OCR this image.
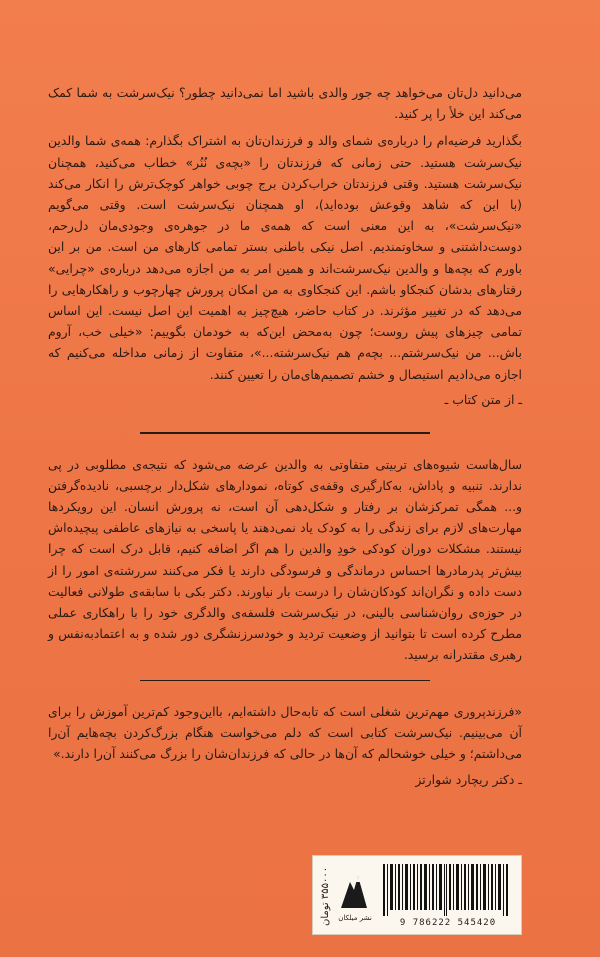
می‌دانید دل‌تان می‌خواهد چه جور والدی باشید اما نمی‌دانید چطور؟ نیک‌سرشت به شما کمک می‌کند این خلأ را پر کنید.

بگذارید فرضیه‌ام را درباره‌ی شمای والد و فرزندان‌تان به اشتراک بگذارم: همه‌ی شما والدین نیک‌سرشت هستید. حتی زمانی که فرزندتان را «بچه‌ی نُنُر» خطاب می‌کنید، همچنان نیک‌سرشت هستید. وقتی فرزندتان خراب‌کردن برج چوبی خواهر کوچک‌ترش را انکار می‌کند (با این که شاهد وقوعش بوده‌اید)، او همچنان نیک‌سرشت است. وقتی می‌گویم «نیک‌سرشت»، به این معنی است که همه‌ی ما در جوهره‌ی وجودی‌مان دل‌رحم، دوست‌داشتنی و سخاوتمندیم. اصل نیکی باطنی بستر تمامی کارهای من است. من بر این باورم که بچه‌ها و والدین نیک‌سرشت‌اند و همین امر به من اجازه می‌دهد درباره‌ی «چرایی» رفتارهای بدشان کنجکاو باشم. این کنجکاوی به من امکان پرورش چهارچوب و راهکارهایی را می‌دهد که در تغییر مؤثرند. در کتاب حاضر، هیچ‌چیز به اهمیت این اصل نیست. این اساس تمامی چیزهای پیش روست؛ چون به‌محض این‌که به خودمان بگوییم: «خیلی خب، آروم باش... من نیک‌سرشتم... بچه‌م هم نیک‌سرشته...»، متفاوت از زمانی مداخله می‌کنیم که اجازه می‌دادیم استیصال و خشم تصمیم‌های‌مان را تعیین کنند.

ـ از متن کتاب ـ

سال‌هاست شیوه‌های تربیتی متفاوتی به والدین عرضه می‌شود که نتیجه‌ی مطلوبی در پی ندارند. تنبیه و پاداش، به‌کارگیری وقفه‌ی کوتاه، نمودارهای شکل‌دار برچسبی، نادیده‌گرفتن و... همگی تمرکزشان بر رفتار و شکل‌دهی آن است، نه پرورش انسان. این رویکردها مهارت‌های لازم برای زندگی را به کودک یاد نمی‌دهند یا پاسخی به نیازهای عاطفی پیچیده‌اش نیستند. مشکلات دوران کودکی خودِ والدین را هم اگر اضافه کنیم، قابل درک است که چرا بیش‌تر پدرمادرها احساس درماندگی و فرسودگی دارند یا فکر می‌کنند سررشته‌ی امور را از دست داده و نگران‌اند کودکان‌شان را درست بار نیاورند. دکتر بکی با سابقه‌ی طولانی فعالیت در حوزه‌ی روان‌شناسی بالینی، در نیک‌سرشت فلسفه‌ی والدگری خود را با راهکاری عملی مطرح کرده است تا بتوانید از وضعیت تردید و خودسرزنشگری دور شده و به اعتمادبه‌نفس و رهبری مقتدرانه برسید.

«فرزندپروری مهم‌ترین شغلی است که تابه‌حال داشته‌ایم، بااین‌وجود کم‌ترین آموزش را برای آن می‌بینیم. نیک‌سرشت کتابی است که دلم می‌خواست هنگام بزرگ‌کردن بچه‌هایم آن‌را می‌داشتم؛ و خیلی خوشحالم که آن‌ها در حالی که فرزندان‌شان را بزرگ می‌کنند آن‌را دارند.»

ـ دکتر ریچارد شوارتز
۳۵۵۰۰۰ تومان
نشر میلکان	9 786222 545420
